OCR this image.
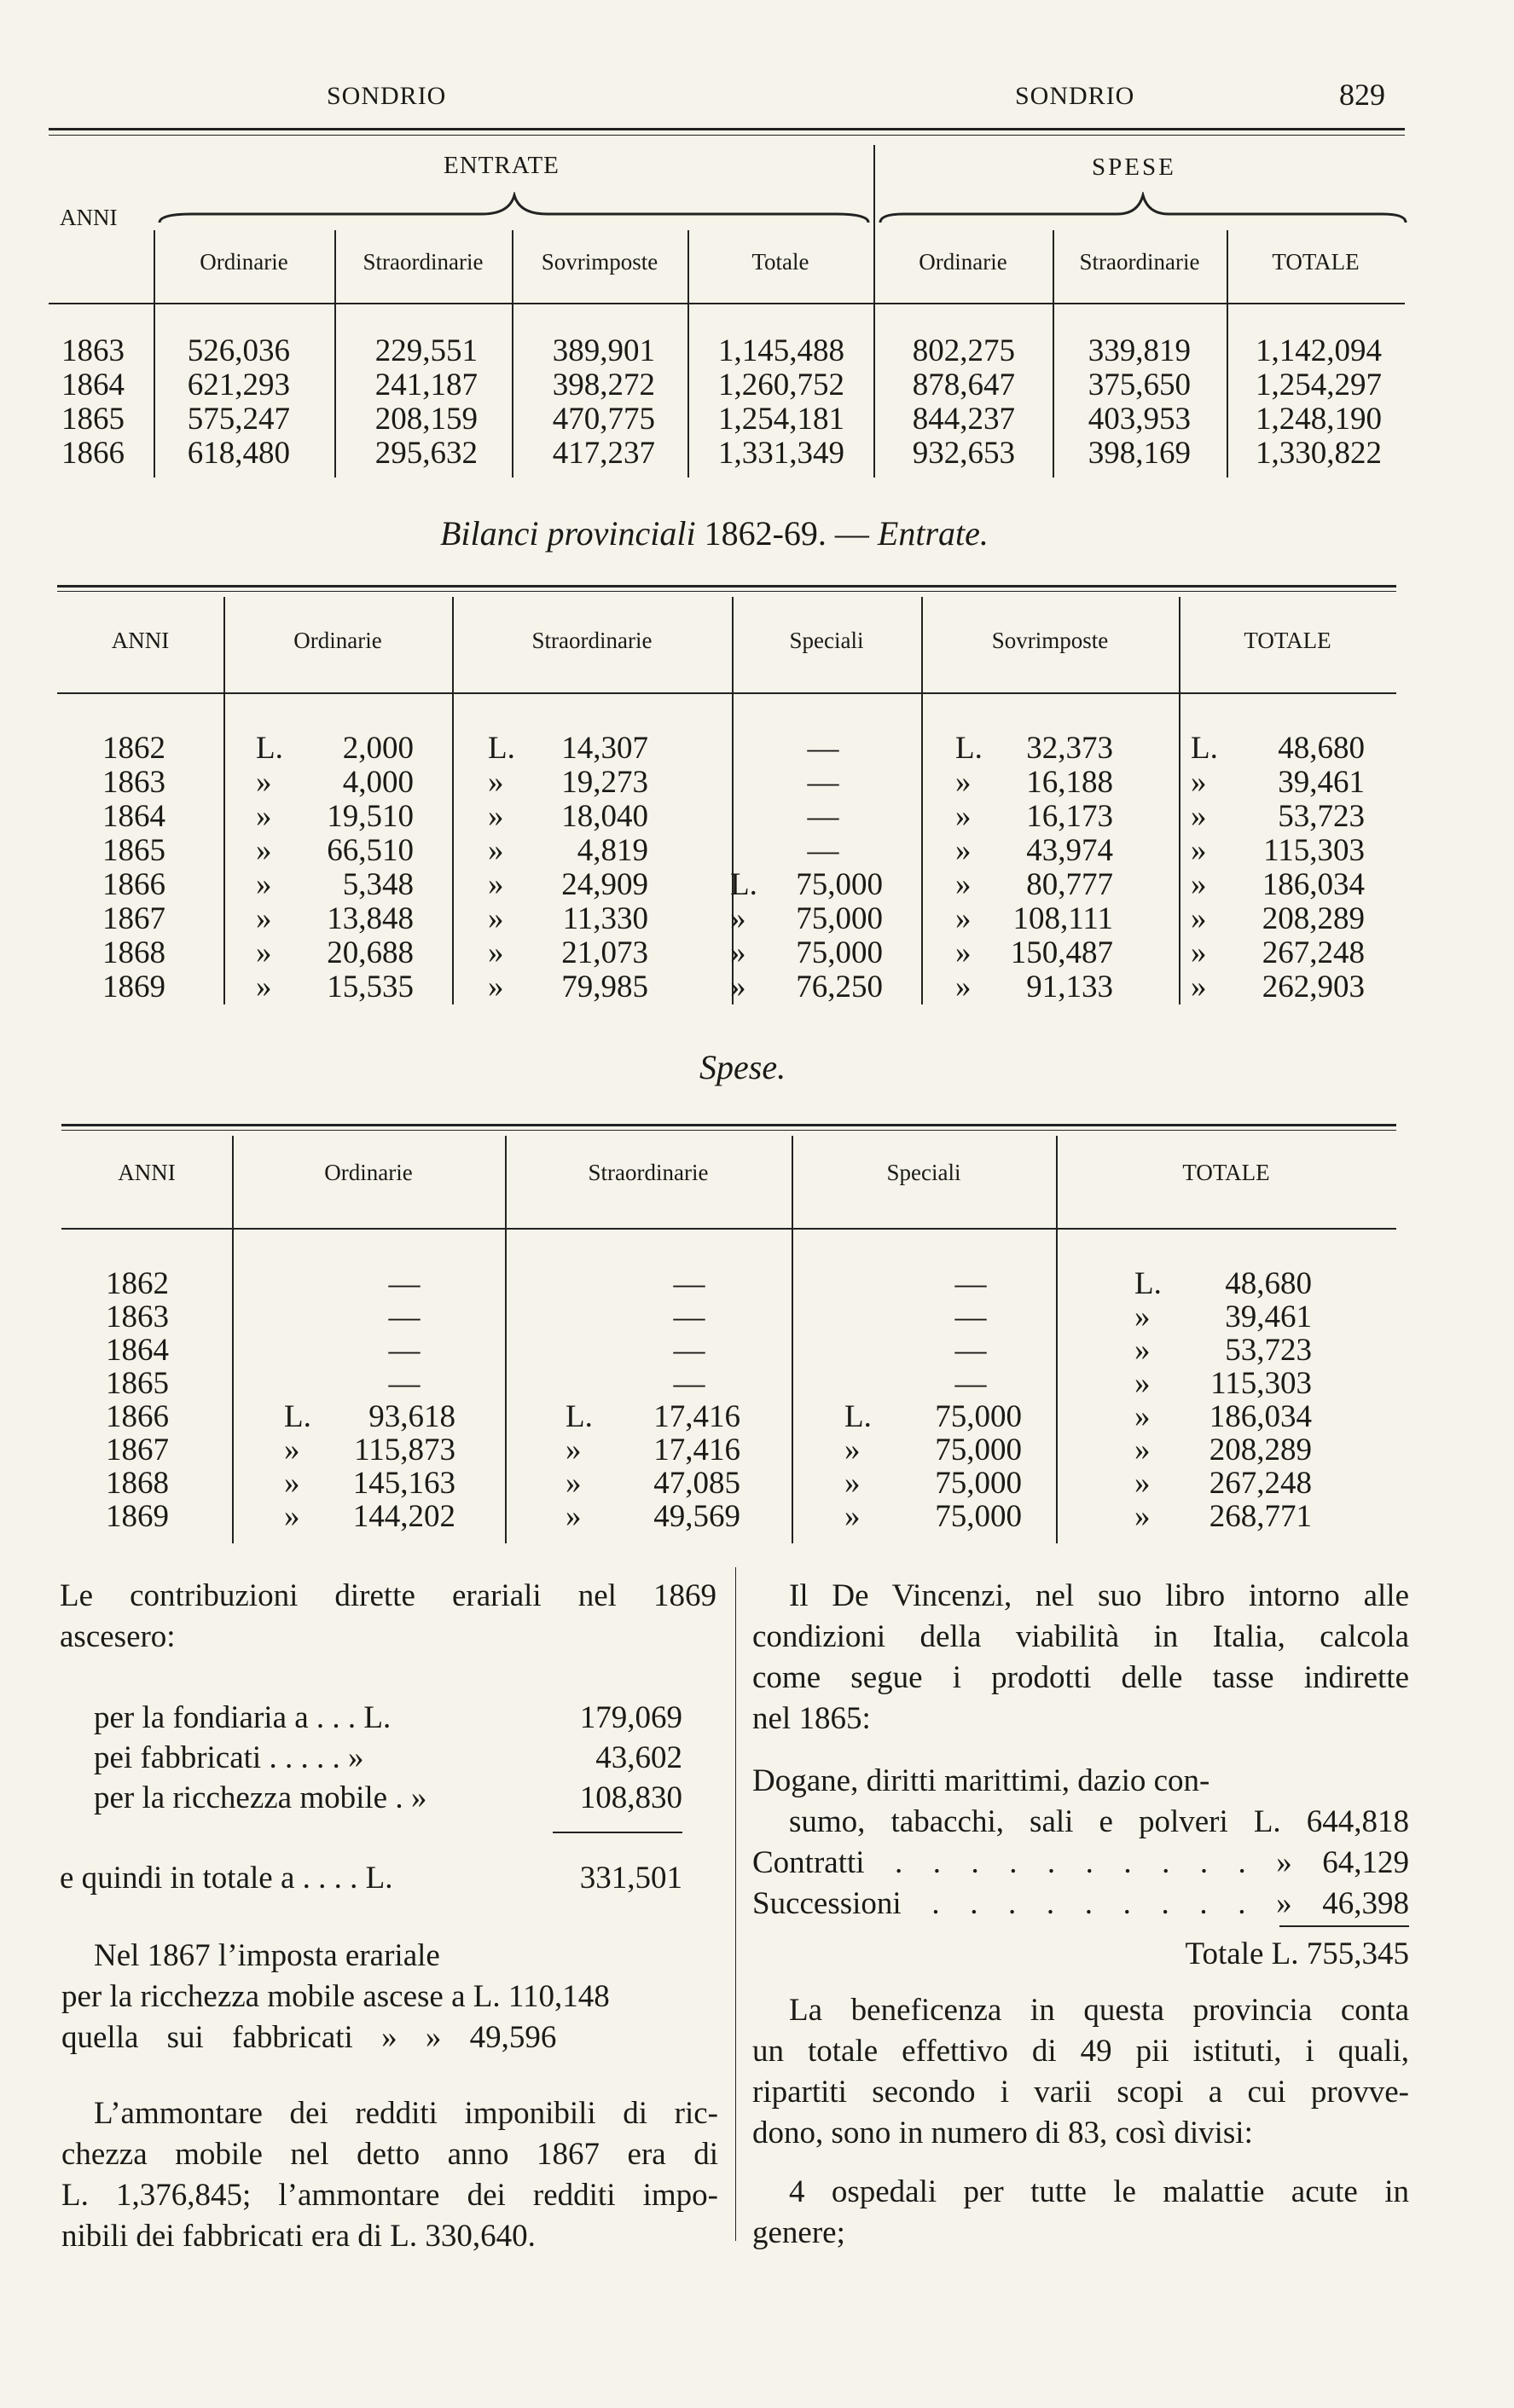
SONDRIO	SONDRIO	829
ANNI
ENTRATE	SPESE
Ordinarie	Straordinarie	Sovrimposte	Totale	Ordinarie	Straordinarie	TOTALE
1863	526,036	229,551	389,901	1,145,488	802,275	339,819	1,142,094
1864	621,293	241,187	398,272	1,260,752	878,647	375,650	1,254,297
1865	575,247	208,159	470,775	1,254,181	844,237	403,953	1,248,190
1866	618,480	295,632	417,237	1,331,349	932,653	398,169	1,330,822
Bilanci provinciali 1862-69. — Entrate.
ANNI	Ordinarie	Straordinarie	Speciali	Sovrimposte	TOTALE
1862	L.	2,000 L.	14,307	—	L.	32,373 L.	48,680
1863	»	4,000 »	19,273	—	»	16,188 »	39,461
1864	»	19,510 »	18,040	—	»	16,173 »	53,723
1865	»	66,510 »	4,819	—	»	43,974 »	115,303
1866	»	5,348 »	24,909	L.	75,000 »	80,777 »	186,034
1867	»	13,848 »	11,330	»	75,000 »	108,111 »	208,289
1868	»	20,688 »	21,073	»	75,000 »	150,487 »	267,248
1869	»	15,535 »	79,985	»	76,250 »	91,133 »	262,903
Spese.
ANNI	Ordinarie	Straordinarie	Speciali	TOTALE
1862	—	—	—	L.	48,680
1863	—	—	—	»	39,461
1864	—	—	—	»	53,723
1865	—	—	—	»	115,303
1866	L.	93,618	L.	17,416	L.	75,000	»	186,034
1867	»	115,873	»	17,416	»	75,000	»	208,289
1868	»	145,163	»	47,085	»	75,000	»	267,248
1869	»	144,202	»	49,569	»	75,000	»	268,771
Le contribuzioni dirette erariali nel 1869
ascesero:
per la fondiaria a . . . L.	179,069
pei fabbricati . . . . . »	43,602
per la ricchezza mobile . »	108,830
e quindi in totale a . . . . L.	331,501
Nel 1867 l’imposta erariale
per la ricchezza mobile ascese a L. 110,148
quella sui fabbricati » » 49,596
L’ammontare dei redditi imponibili di ric-
chezza mobile nel detto anno 1867 era di
L. 1,376,845; l’ammontare dei redditi impo-
nibili dei fabbricati era di L. 330,640.
Il De Vincenzi, nel suo libro intorno alle
condizioni della viabilità in Italia, calcola
come segue i prodotti delle tasse indirette
nel 1865:
Dogane, diritti marittimi, dazio con-
sumo, tabacchi, sali e polveri L. 644,818
Contratti . . . . . . . . . . » 64,129
Successioni . . . . . . . . . » 46,398
Totale L. 755,345
La beneficenza in questa provincia conta
un totale effettivo di 49 pii istituti, i quali,
ripartiti secondo i varii scopi a cui provve-
dono, sono in numero di 83, così divisi:
4 ospedali per tutte le malattie acute in
genere;
